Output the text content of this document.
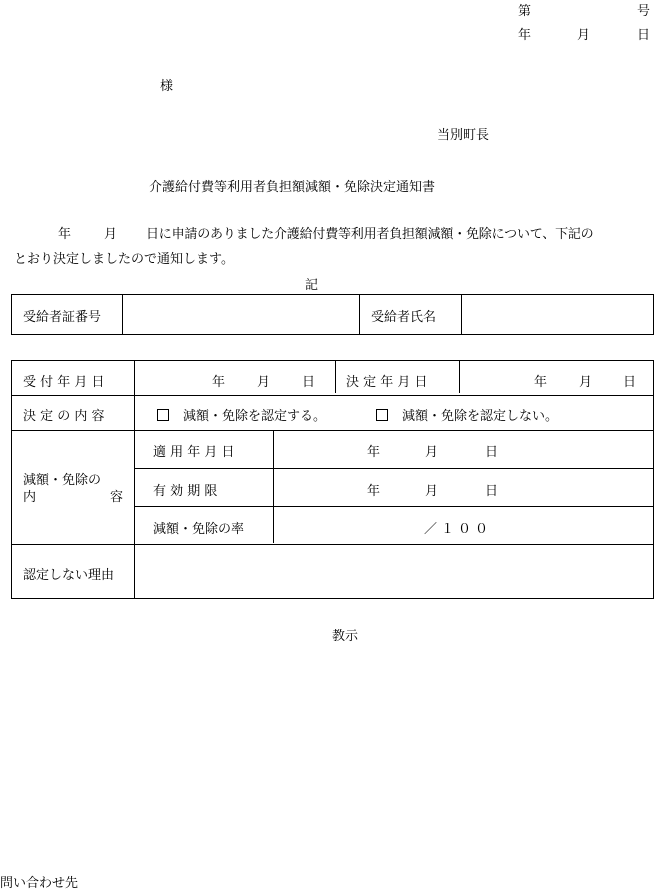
第	号
年	月	日
様
当別町長
介護給付費等利用者負担額減額・免除決定通知書
年	月 日に申請のありました介護給付費等利用者負担額減額・免除について、下記の
とおり決定しましたので通知します。
記
受給者証番号	受給者氏名
受 付 年 月 日	年 月 日 決 定 年 月 日	年 月 日
決 定 の 内 容	減額・免除を認定する。	減額・免除を認定しない。
減額・免除の
内	容
適 用 年 月 日	年	月	日
有 効 期 限	年	月	日
減額・免除の率	／１００
認定しない理由
教示
問い合わせ先
